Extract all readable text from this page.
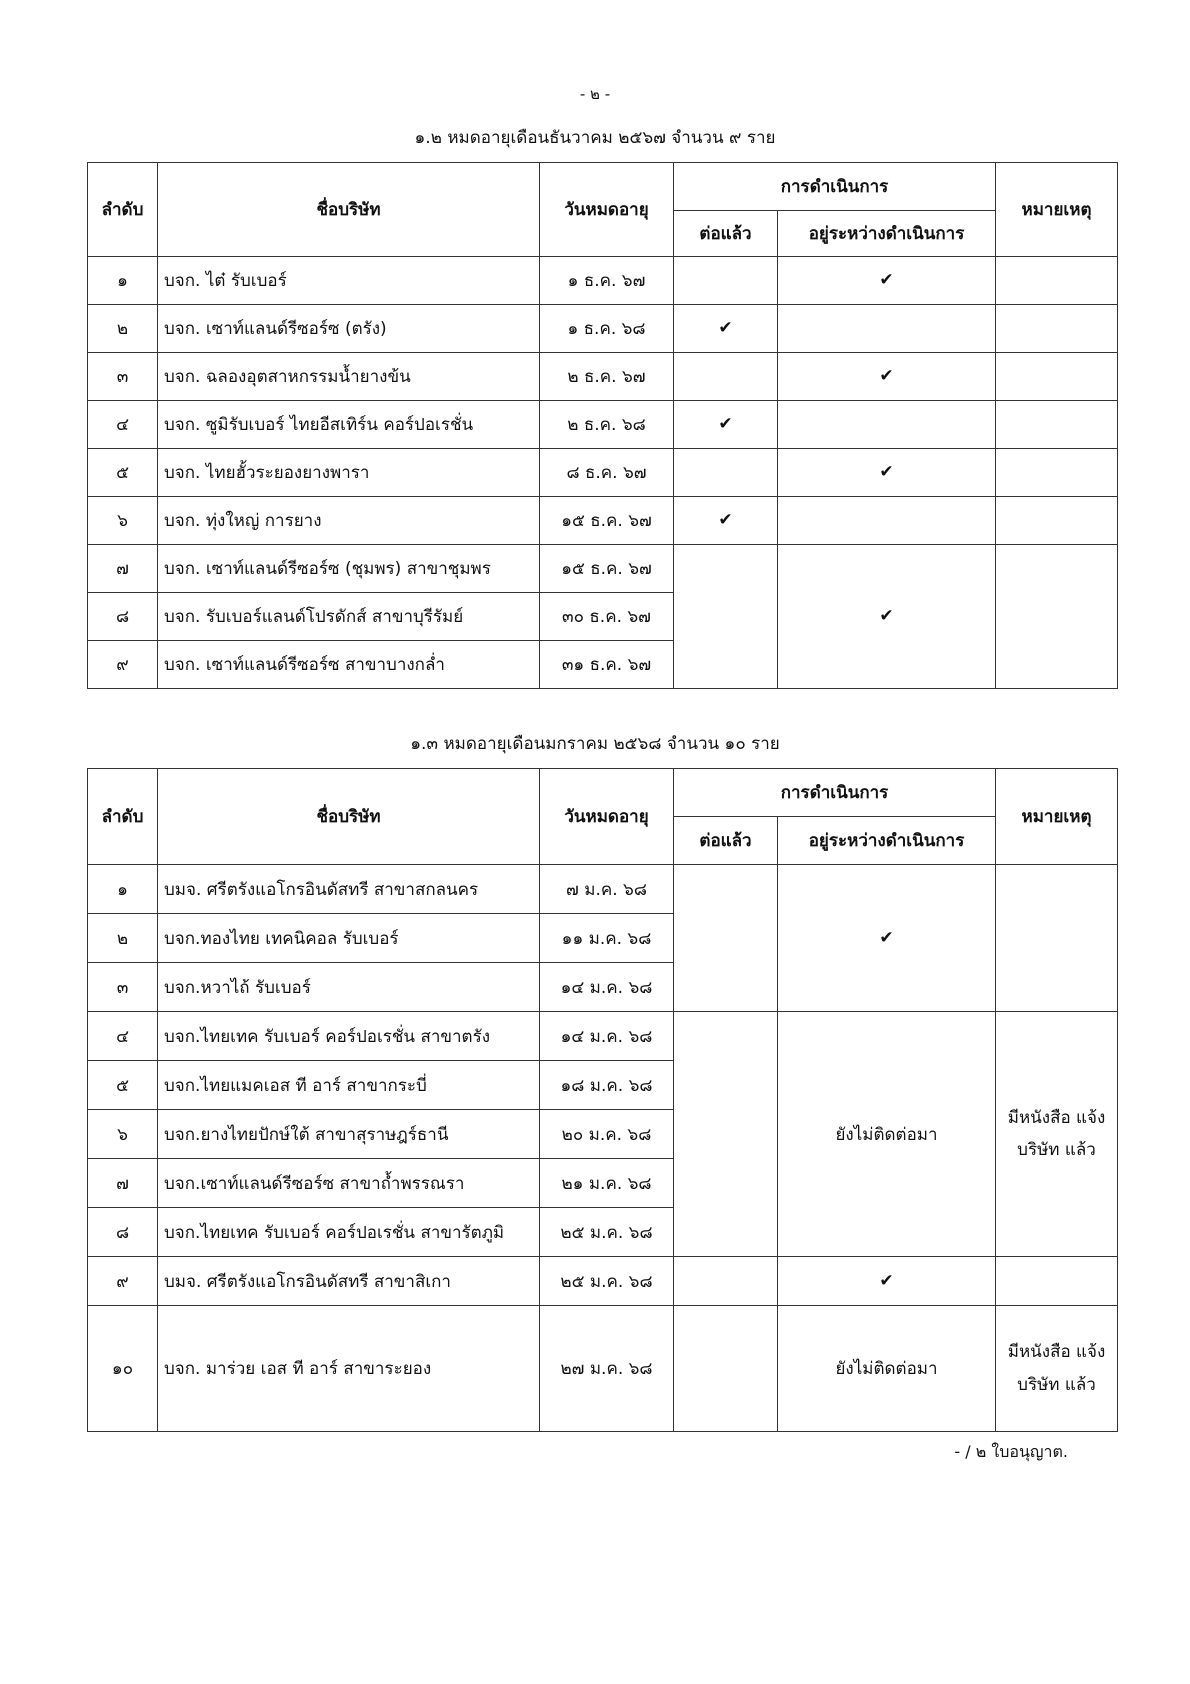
- ๒ -
๑.๒ หมดอายุเดือนธันวาคม ๒๕๖๗ จำนวน ๙ ราย
ลำดับ	ชื่อบริษัท	วันหมดอายุ	การดำเนินการ		หมายเหตุ
			ต่อแล้ว	อยู่ระหว่างดำเนินการ	
๑	บจก. ไต๋ รับเบอร์	๑ ธ.ค. ๖๗		✔	
๒	บจก. เซาท์แลนด์รีซอร์ซ (ตรัง)	๑ ธ.ค. ๖๘	✔		
๓	บจก. ฉลองอุตสาหกรรมน้ำยางข้น	๒ ธ.ค. ๖๗		✔	
๔	บจก. ซูมิรับเบอร์ ไทยอีสเทิร์น คอร์ปอเรชั่น	๒ ธ.ค. ๖๘	✔		
๕	บจก. ไทยฮั้วระยองยางพารา	๘ ธ.ค. ๖๗		✔	
๖	บจก. ทุ่งใหญ่ การยาง	๑๕ ธ.ค. ๖๗	✔		
๗	บจก. เซาท์แลนด์รีซอร์ซ (ชุมพร) สาขาชุมพร	๑๕ ธ.ค. ๖๗		✔	
๘	บจก. รับเบอร์แลนด์โปรดักส์ สาขาบุรีรัมย์	๓๐ ธ.ค. ๖๗			
๙	บจก. เซาท์แลนด์รีซอร์ซ สาขาบางกล่ำ	๓๑ ธ.ค. ๖๗			
๑.๓ หมดอายุเดือนมกราคม ๒๕๖๘ จำนวน ๑๐ ราย
ลำดับ	ชื่อบริษัท	วันหมดอายุ	การดำเนินการ		หมายเหตุ
			ต่อแล้ว	อยู่ระหว่างดำเนินการ	
๑	บมจ. ศรีตรังแอโกรอินดัสทรี สาขาสกลนคร	๗ ม.ค. ๖๘		✔	
๒	บจก.ทองไทย เทคนิคอล รับเบอร์	๑๑ ม.ค. ๖๘			
๓	บจก.หวาไถ้ รับเบอร์	๑๔ ม.ค. ๖๘			
๔	บจก.ไทยเทค รับเบอร์ คอร์ปอเรชั่น สาขาตรัง	๑๔ ม.ค. ๖๘		ยังไม่ติดต่อมา	มีหนังสือ แจ้งบริษัท แล้ว
๕	บจก.ไทยแมคเอส ที อาร์ สาขากระบี่	๑๘ ม.ค. ๖๘			
๖	บจก.ยางไทยปักษ์ใต้ สาขาสุราษฎร์ธานี	๒๐ ม.ค. ๖๘			
๗	บจก.เซาท์แลนด์รีซอร์ซ สาขาถ้ำพรรณรา	๒๑ ม.ค. ๖๘			
๘	บจก.ไทยเทค รับเบอร์ คอร์ปอเรชั่น สาขารัตภูมิ	๒๕ ม.ค. ๖๘			
๙	บมจ. ศรีตรังแอโกรอินดัสทรี สาขาสิเกา	๒๕ ม.ค. ๖๘		✔	
๑๐	บจก. มาร่วย เอส ที อาร์ สาขาระยอง	๒๗ ม.ค. ๖๘		ยังไม่ติดต่อมา	มีหนังสือ แจ้งบริษัท แล้ว
- / ๒ ใบอนุญาต.
